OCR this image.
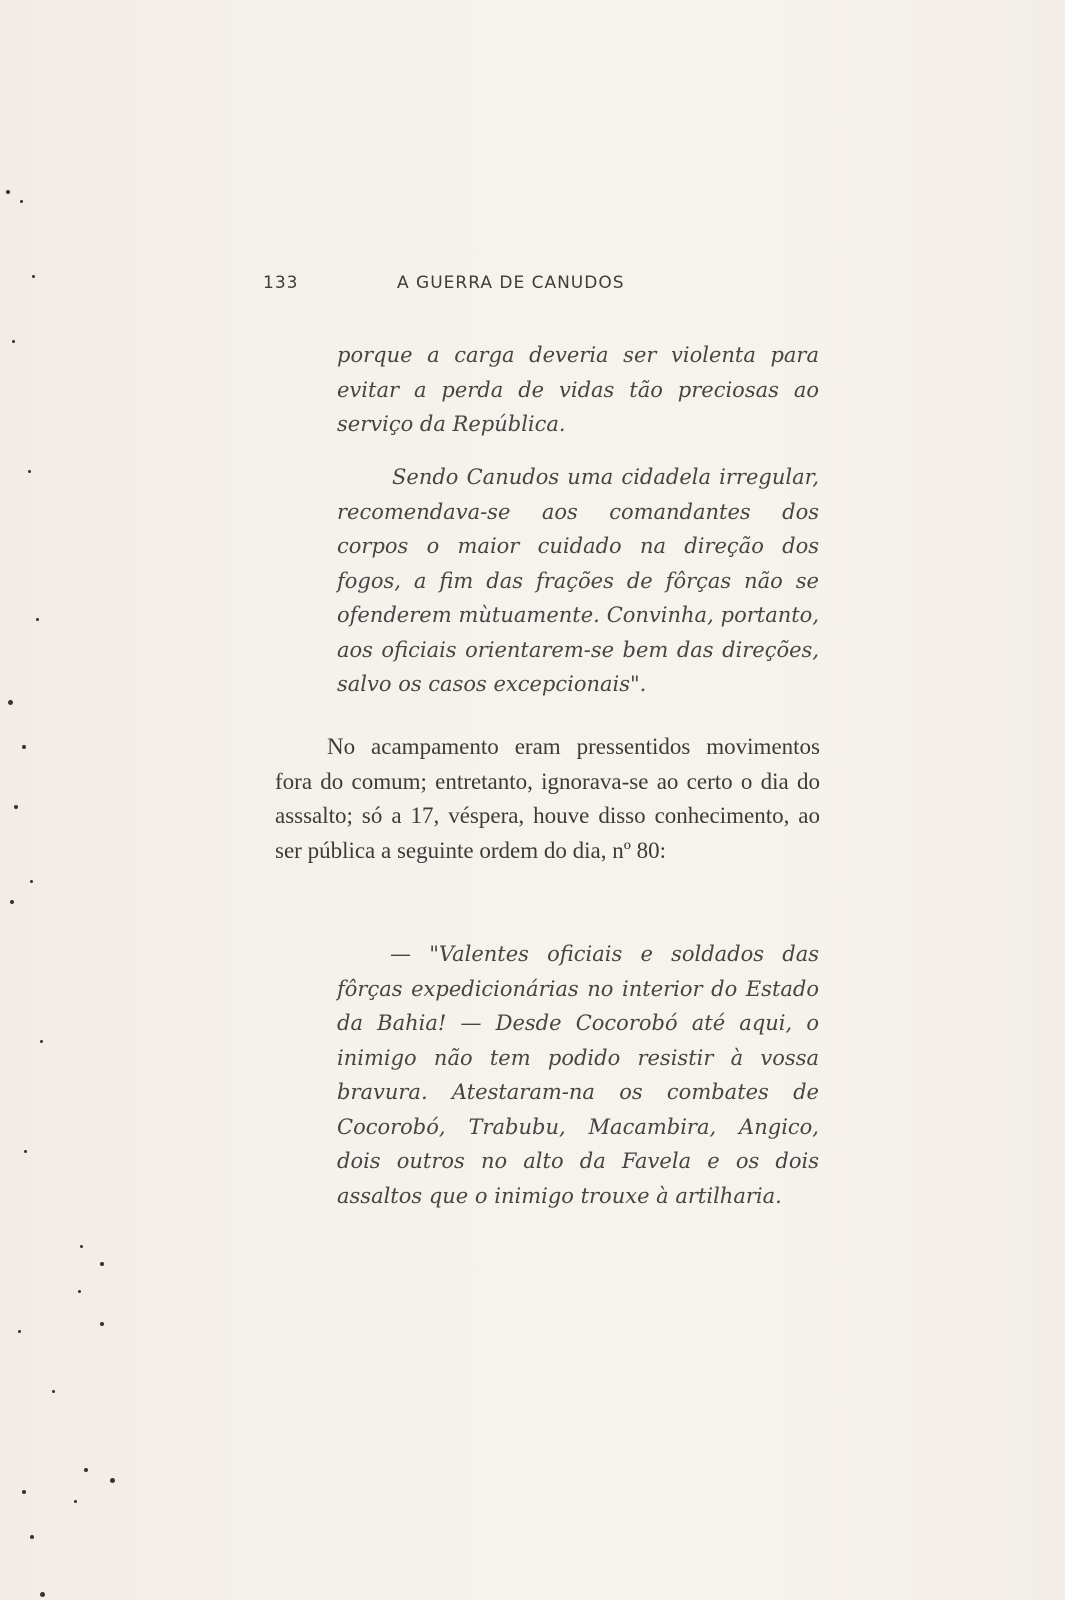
133	A GUERRA DE CANUDOS

porque a carga deveria ser violenta para evitar a perda de vidas tão preciosas ao serviço da República.

Sendo Canudos uma cidadela irregular, recomendava-se aos comandantes dos corpos o maior cuidado na direção dos fogos, a fim das frações de fôrças não se ofenderem mùtuamente. Convinha, portanto, aos oficiais orientarem-se bem das direções, salvo os casos excepcionais".

No acampamento eram pressentidos movimentos fora do comum; entretanto, ignorava-se ao certo o dia do asssalto; só a 17, véspera, houve disso conhecimento, ao ser pública a seguinte ordem do dia, nº 80:

— "Valentes oficiais e soldados das fôrças expedicionárias no interior do Estado da Bahia! — Desde Cocorobó até aqui, o inimigo não tem podido resistir à vossa bravura. Atestaram-na os combates de Cocorobó, Trabubu, Macambira, Angico, dois outros no alto da Favela e os dois assaltos que o inimigo trouxe à artilharia.
